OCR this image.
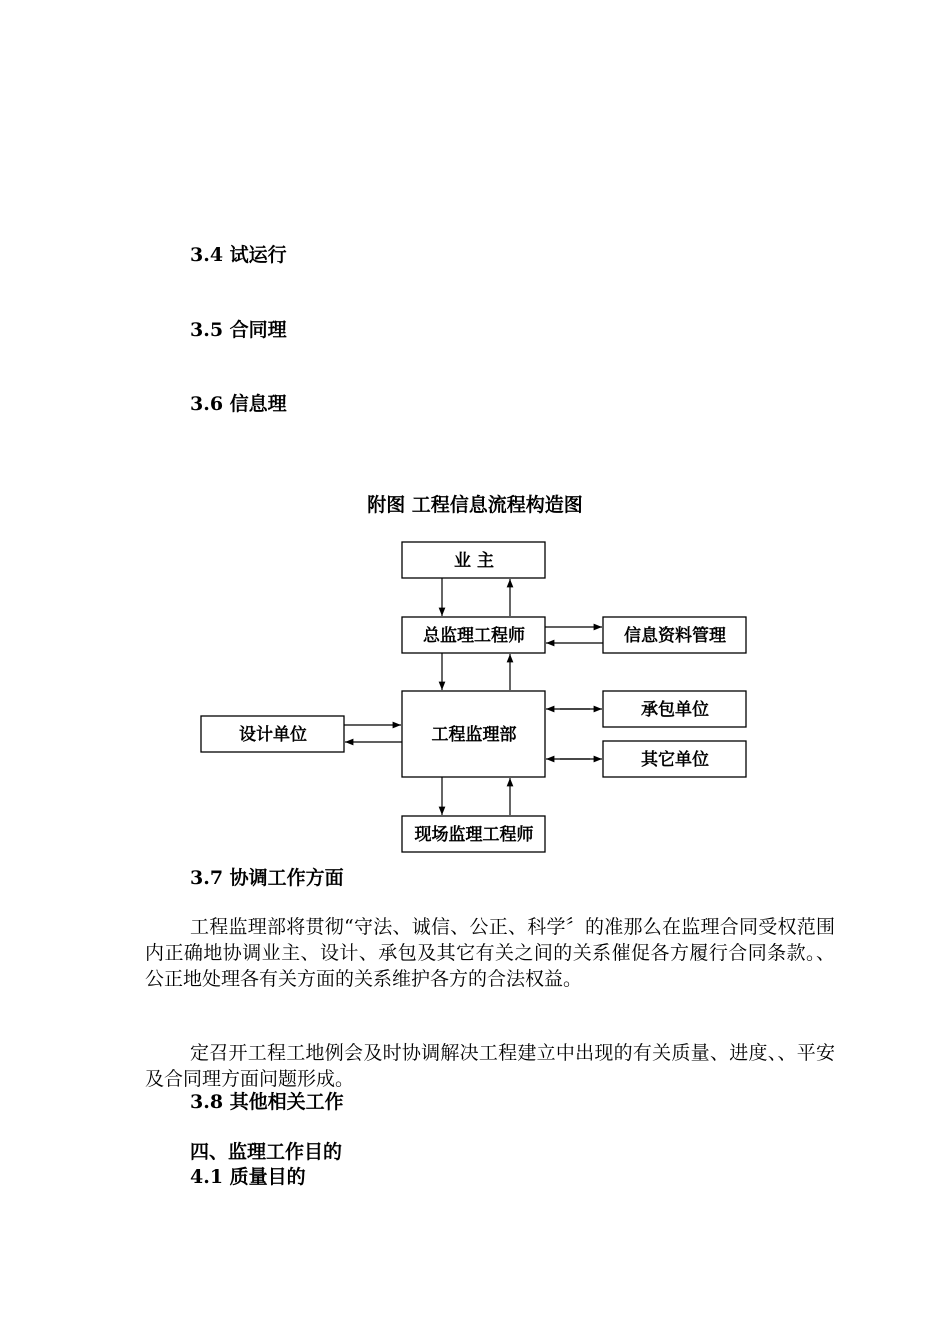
3.4 试运行
3.5 合同理
3.6 信息理
附图 工程信息流程构造图
业 主
总监理工程师	信息资料管理
设计单位	工程监理部
承包单位
其它单位
现场监理工程师
3.7 协调工作方面

工程监理部将贯彻“守法、诚信、公正、科学〞的准那么在监理合同受权范围内正确地协调业主、设计、承包及其它有关之间的关系催促各方履行合同条款。、公正地处理各有关方面的关系维护各方的合法权益。

定召开工程工地例会及时协调解决工程建立中出现的有关质量、进度、、平安及合同理方面问题形成。

3.8 其他相关工作
四、监理工作目的
4.1 质量目的
